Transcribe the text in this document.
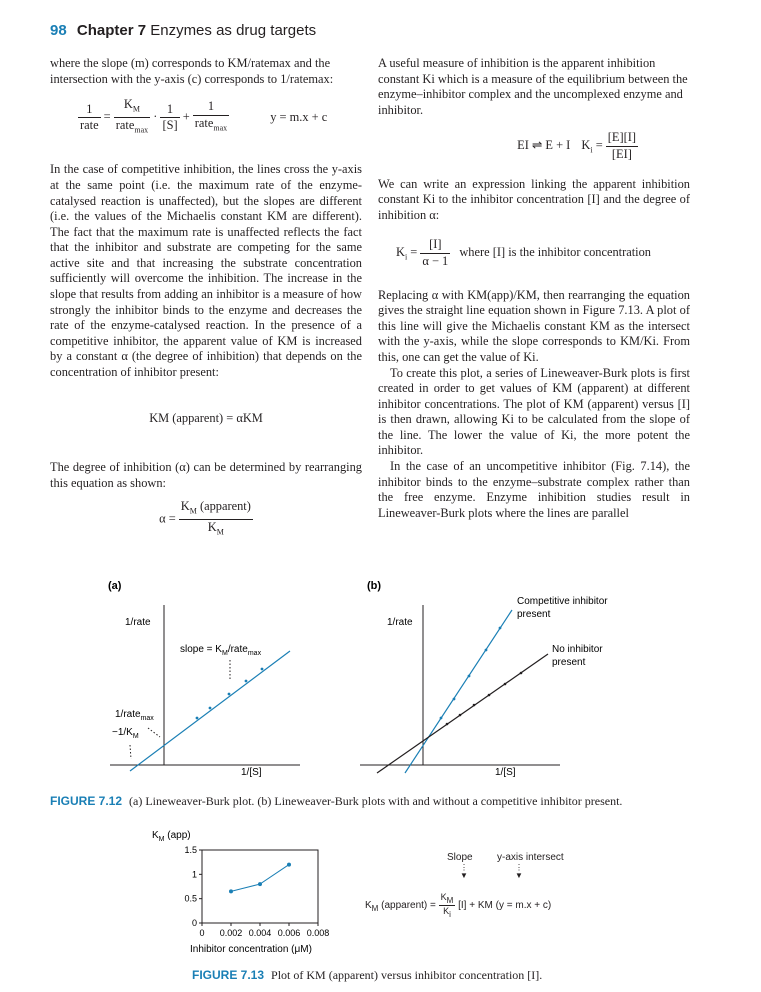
98 Chapter 7 Enzymes as drug targets

where the slope (m) corresponds to KM/ratemax and the intersection with the y-axis (c) corresponds to 1/ratemax:

$\frac{1}{\text{rate}} = \frac{K_M}{rate_{max}} \cdot \frac{1}{[S]} + \frac{1}{rate_{max}}$	y = m.x + c

In the case of competitive inhibition, the lines cross the y-axis at the same point (i.e. the maximum rate of the enzyme-catalysed reaction is unaffected), but the slopes are different (i.e. the values of the Michaelis constant KM are different). The fact that the maximum rate is unaffected reflects the fact that the inhibitor and substrate are competing for the same active site and that increasing the substrate concentration sufficiently will overcome the inhibition. The increase in the slope that results from adding an inhibitor is a measure of how strongly the inhibitor binds to the enzyme and decreases the rate of the enzyme-catalysed reaction. In the presence of a competitive inhibitor, the apparent value of KM is increased by a constant α (the degree of inhibition) that depends on the concentration of inhibitor present:

KM (apparent) = αKM

The degree of inhibition (α) can be determined by rearranging this equation as shown:

$\alpha = \frac{K_M (apparent)}{K_M}$

A useful measure of inhibition is the apparent inhibition constant Ki which is a measure of the equilibrium between the enzyme–inhibitor complex and the uncomplexed enzyme and inhibitor.

EI ⇌ E + I $K_i = \frac{[E][I]}{[EI]}$

We can write an expression linking the apparent inhibition constant Ki to the inhibitor concentration [I] and the degree of inhibition α:

$K_i = \frac{[I]}{\alpha - 1}$ where [I] is the inhibitor concentration

Replacing α with KM(app)/KM, then rearranging the equation gives the straight line equation shown in Figure 7.13. A plot of this line will give the Michaelis constant KM as the intersect with the y-axis, while the slope corresponds to KM/Ki. From this, one can get the value of Ki.

To create this plot, a series of Lineweaver-Burk plots is first created in order to get values of KM (apparent) at different inhibitor concentrations. The plot of KM (apparent) versus [I] is then drawn, allowing Ki to be calculated from the slope of the line. The lower the value of Ki, the more potent the inhibitor.

In the case of an uncompetitive inhibitor (Fig. 7.14), the inhibitor binds to the enzyme–substrate complex rather than the free enzyme. Enzyme inhibition studies result in Lineweaver-Burk plots where the lines are parallel

(a)	(b)
1/rate
1/[S]
slope = $K_M/rate_{max}$
1/rate$_{max}$
$-1/K_M$
1/rate
1/[S]
Competitive inhibitor
present
No inhibitor
present
FIGURE 7.12 (a) Lineweaver-Burk plot. (b) Lineweaver-Burk plots with and without a competitive inhibitor present.
$K_M$ (app)
0
0.5
1
1.5
0 0.002 0.004 0.006 0.008
Inhibitor concentration (μM)
Slope y-axis intersect
⋮
▼
⋮
▼
$K_M$ (apparent) = $\frac{K_M}{K_i} [I]$ + KM (y = m.x + c)
FIGURE 7.13 Plot of KM (apparent) versus inhibitor concentration [I].
